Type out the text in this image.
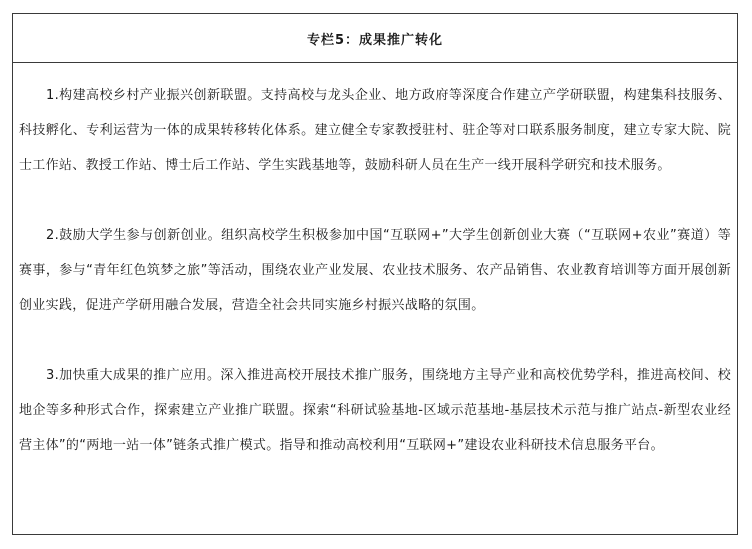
专栏5：成果推广转化

1.构建高校乡村产业振兴创新联盟。支持高校与龙头企业、地方政府等深度合作建立产学研联盟，构建集科技服务、科技孵化、专利运营为一体的成果转移转化体系。建立健全专家教授驻村、驻企等对口联系服务制度，建立专家大院、院士工作站、教授工作站、博士后工作站、学生实践基地等，鼓励科研人员在生产一线开展科学研究和技术服务。

2.鼓励大学生参与创新创业。组织高校学生积极参加中国“互联网+”大学生创新创业大赛（“互联网+农业”赛道）等赛事，参与“青年红色筑梦之旅”等活动，围绕农业产业发展、农业技术服务、农产品销售、农业教育培训等方面开展创新创业实践，促进产学研用融合发展，营造全社会共同实施乡村振兴战略的氛围。

3.加快重大成果的推广应用。深入推进高校开展技术推广服务，围绕地方主导产业和高校优势学科，推进高校间、校地企等多种形式合作，探索建立产业推广联盟。探索“科研试验基地-区域示范基地-基层技术示范与推广站点-新型农业经营主体”的“两地一站一体”链条式推广模式。指导和推动高校利用“互联网+”建设农业科研技术信息服务平台。
